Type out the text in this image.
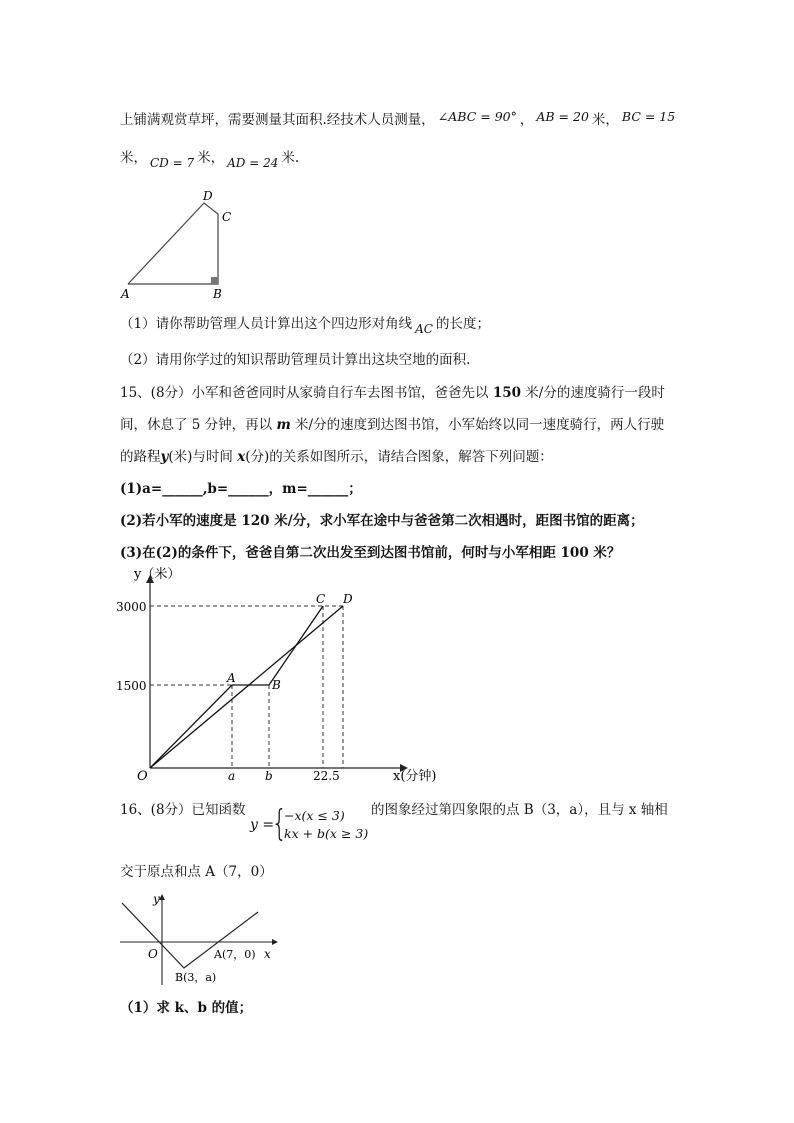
上铺满观赏草坪，需要测量其面积.经技术人员测量， ∠ABC = 90° ， AB = 20 米， BC = 15
米， CD = 7 米， AD = 24 米.
D
C
A	B
（1）请你帮助管理人员计算出这个四边形对角线 AC 的长度；
（2）请用你学过的知识帮助管理员计算出这块空地的面积.
15、(8分）小军和爸爸同时从家骑自行车去图书馆，爸爸先以 150 米/分的速度骑行一段时
间，休息了 5 分钟，再以 m 米/分的速度到达图书馆，小军始终以同一速度骑行，两人行驶
的路程y(米)与时间 x(分)的关系如图所示，请结合图象，解答下列问题：
(1)a=______,b=______，m=______；
(2)若小军的速度是 120 米/分，求小军在途中与爸爸第二次相遇时，距图书馆的距离；
(3)在(2)的条件下，爸爸自第二次出发至到达图书馆前，何时与小军相距 100 米？
y（米）
x(分钟)
O
3000
1500
a b	22.5
A	B
C D
16、(8分）已知函数
y =
{
−x(x ≤ 3)
kx + b(x ≥ 3)
的图象经过第四象限的点 B（3，a），且与 x 轴相
交于原点和点 A（7，0）
y
x
O	A(7，0)
B(3，a)
（1）求 k、b 的值；
